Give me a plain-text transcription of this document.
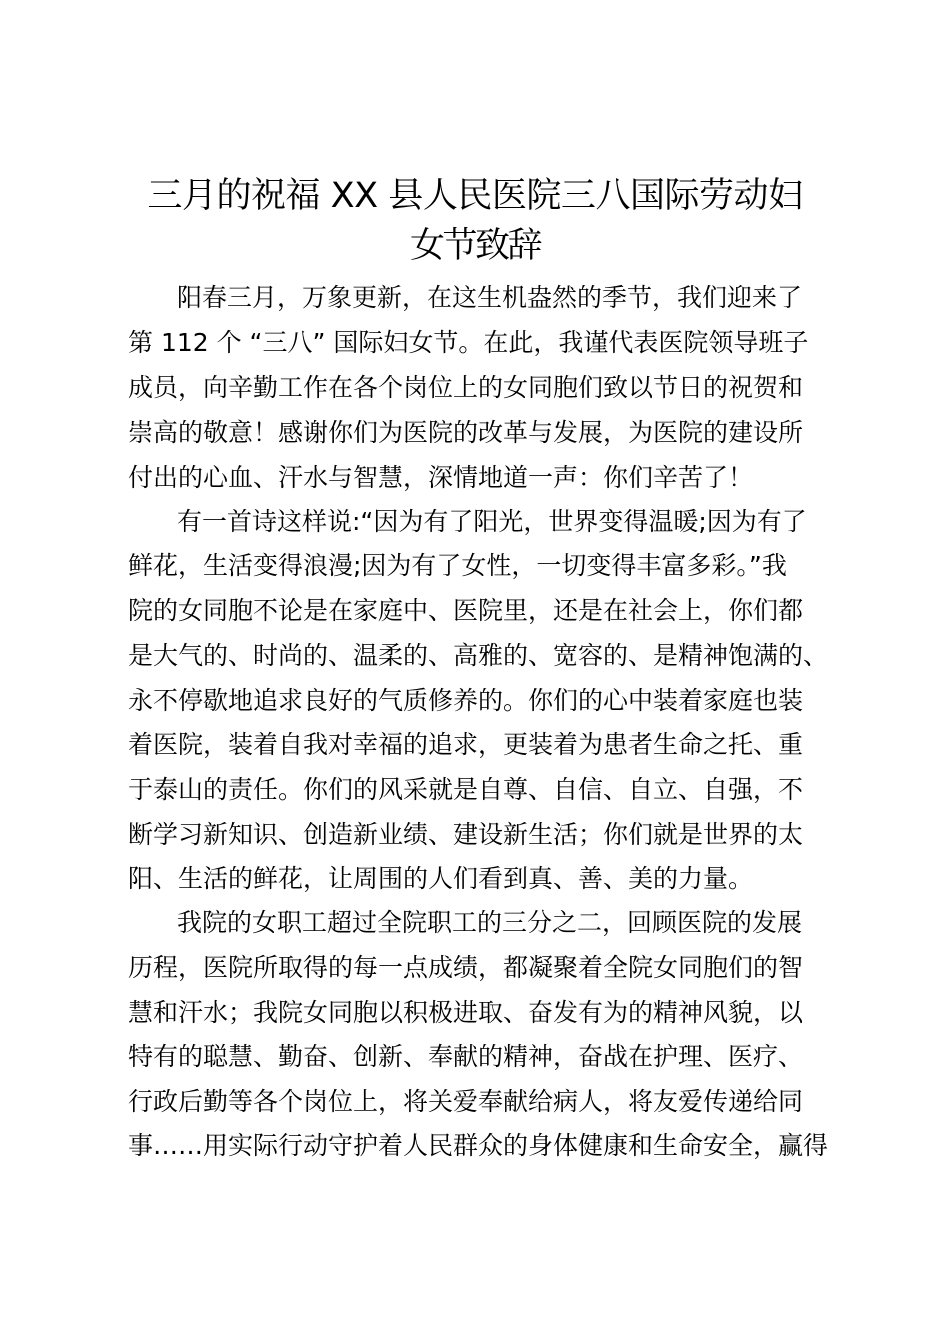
三月的祝福 XX 县人民医院三八国际劳动妇
女节致辞

阳春三月，万象更新，在这生机盎然的季节，我们迎来了

第 112 个 “三八” 国际妇女节。在此，我谨代表医院领导班子

成员，向辛勤工作在各个岗位上的女同胞们致以节日的祝贺和

崇高的敬意！感谢你们为医院的改革与发展，为医院的建设所

付出的心血、汗水与智慧，深情地道一声：你们辛苦了！

有一首诗这样说:“因为有了阳光，世界变得温暖;因为有了

鲜花，生活变得浪漫;因为有了女性，一切变得丰富多彩。”我

院的女同胞不论是在家庭中、医院里，还是在社会上，你们都

是大气的、时尚的、温柔的、高雅的、宽容的、是精神饱满的、

永不停歇地追求良好的气质修养的。你们的心中装着家庭也装

着医院，装着自我对幸福的追求，更装着为患者生命之托、重

于泰山的责任。你们的风采就是自尊、自信、自立、自强，不

断学习新知识、创造新业绩、建设新生活；你们就是世界的太

阳、生活的鲜花，让周围的人们看到真、善、美的力量。

我院的女职工超过全院职工的三分之二，回顾医院的发展

历程，医院所取得的每一点成绩，都凝聚着全院女同胞们的智

慧和汗水；我院女同胞以积极进取、奋发有为的精神风貌，以

特有的聪慧、勤奋、创新、奉献的精神，奋战在护理、医疗、

行政后勤等各个岗位上，将关爱奉献给病人，将友爱传递给同

事……用实际行动守护着人民群众的身体健康和生命安全，赢得
